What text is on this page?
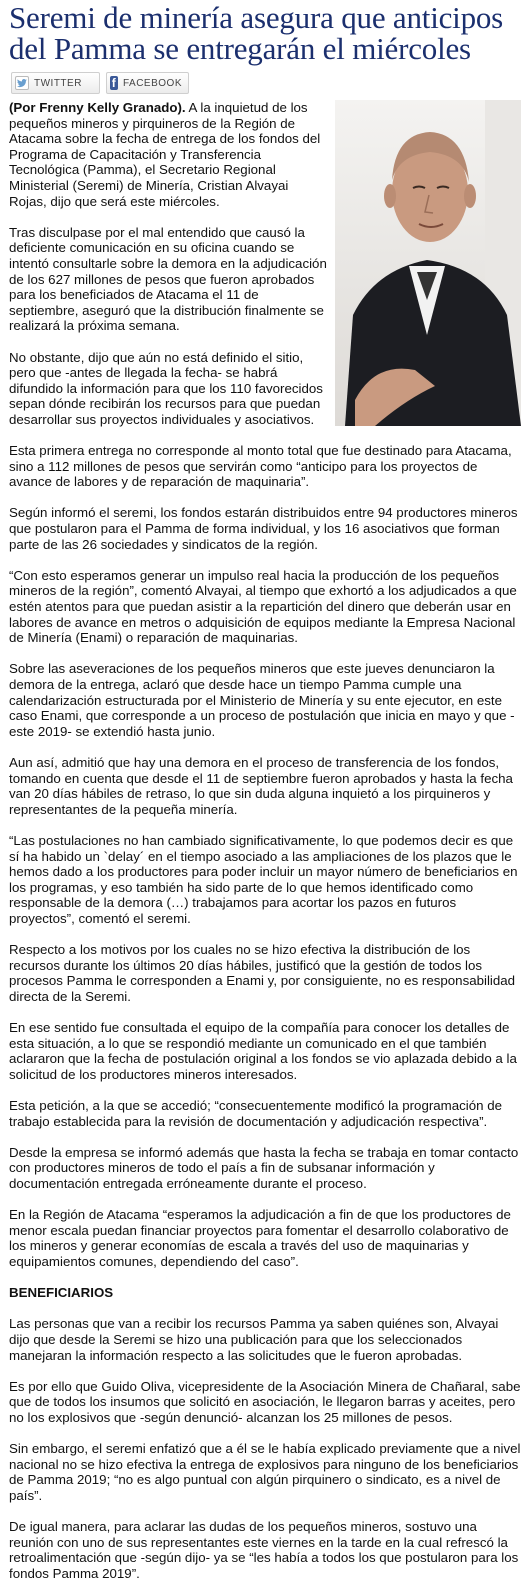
Seremi de minería asegura que anticipos del Pamma se entregarán el miércoles
TWITTER f FACEBOOK

(Por Frenny Kelly Granado). A la inquietud de los pequeños mineros y pirquineros de la Región de Atacama sobre la fecha de entrega de los fondos del Programa de Capacitación y Transferencia Tecnológica (Pamma), el Secretario Regional Ministerial (Seremi) de Minería, Cristian Alvayai Rojas, dijo que será este miércoles.

Tras disculpase por el mal entendido que causó la deficiente comunicación en su oficina cuando se intentó consultarle sobre la demora en la adjudicación de los 627 millones de pesos que fueron aprobados para los beneficiados de Atacama el 11 de septiembre, aseguró que la distribución finalmente se realizará la próxima semana.

No obstante, dijo que aún no está definido el sitio, pero que -antes de llegada la fecha- se habrá difundido la información para que los 110 favorecidos sepan dónde recibirán los recursos para que puedan desarrollar sus proyectos individuales y asociativos.

Esta primera entrega no corresponde al monto total que fue destinado para Atacama, sino a 112 millones de pesos que servirán como “anticipo para los proyectos de avance de labores y de reparación de maquinaria”.

Según informó el seremi, los fondos estarán distribuidos entre 94 productores mineros que postularon para el Pamma de forma individual, y los 16 asociativos que forman parte de las 26 sociedades y sindicatos de la región.

“Con esto esperamos generar un impulso real hacia la producción de los pequeños mineros de la región”, comentó Alvayai, al tiempo que exhortó a los adjudicados a que estén atentos para que puedan asistir a la repartición del dinero que deberán usar en labores de avance en metros o adquisición de equipos mediante la Empresa Nacional de Minería (Enami) o reparación de maquinarias.

Sobre las aseveraciones de los pequeños mineros que este jueves denunciaron la demora de la entrega, aclaró que desde hace un tiempo Pamma cumple una calendarización estructurada por el Ministerio de Minería y su ente ejecutor, en este caso Enami, que corresponde a un proceso de postulación que inicia en mayo y que -este 2019- se extendió hasta junio.

Aun así, admitió que hay una demora en el proceso de transferencia de los fondos, tomando en cuenta que desde el 11 de septiembre fueron aprobados y hasta la fecha van 20 días hábiles de retraso, lo que sin duda alguna inquietó a los pirquineros y representantes de la pequeña minería.

“Las postulaciones no han cambiado significativamente, lo que podemos decir es que sí ha habido un `delay´ en el tiempo asociado a las ampliaciones de los plazos que le hemos dado a los productores para poder incluir un mayor número de beneficiarios en los programas, y eso también ha sido parte de lo que hemos identificado como responsable de la demora (…) trabajamos para acortar los pazos en futuros proyectos”, comentó el seremi.

Respecto a los motivos por los cuales no se hizo efectiva la distribución de los recursos durante los últimos 20 días hábiles, justificó que la gestión de todos los procesos Pamma le corresponden a Enami y, por consiguiente, no es responsabilidad directa de la Seremi.

En ese sentido fue consultada el equipo de la compañía para conocer los detalles de esta situación, a lo que se respondió mediante un comunicado en el que también aclararon que la fecha de postulación original a los fondos se vio aplazada debido a la solicitud de los productores mineros interesados.

Esta petición, a la que se accedió; “consecuentemente modificó la programación de trabajo establecida para la revisión de documentación y adjudicación respectiva”.

Desde la empresa se informó además que hasta la fecha se trabaja en tomar contacto con productores mineros de todo el país a fin de subsanar información y documentación entregada erróneamente durante el proceso.

En la Región de Atacama “esperamos la adjudicación a fin de que los productores de menor escala puedan financiar proyectos para fomentar el desarrollo colaborativo de los mineros y generar economías de escala a través del uso de maquinarias y equipamientos comunes, dependiendo del caso”.

BENEFICIARIOS

Las personas que van a recibir los recursos Pamma ya saben quiénes son, Alvayai dijo que desde la Seremi se hizo una publicación para que los seleccionados manejaran la información respecto a las solicitudes que le fueron aprobadas.

Es por ello que Guido Oliva, vicepresidente de la Asociación Minera de Chañaral, sabe que de todos los insumos que solicitó en asociación, le llegaron barras y aceites, pero no los explosivos que -según denunció- alcanzan los 25 millones de pesos.

Sin embargo, el seremi enfatizó que a él se le había explicado previamente que a nivel nacional no se hizo efectiva la entrega de explosivos para ninguno de los beneficiarios de Pamma 2019; “no es algo puntual con algún pirquinero o sindicato, es a nivel de país”.

De igual manera, para aclarar las dudas de los pequeños mineros, sostuvo una reunión con uno de sus representantes este viernes en la tarde en la cual refrescó la retroalimentación que -según dijo- ya se “les había a todos los que postularon para los fondos Pamma 2019”.
